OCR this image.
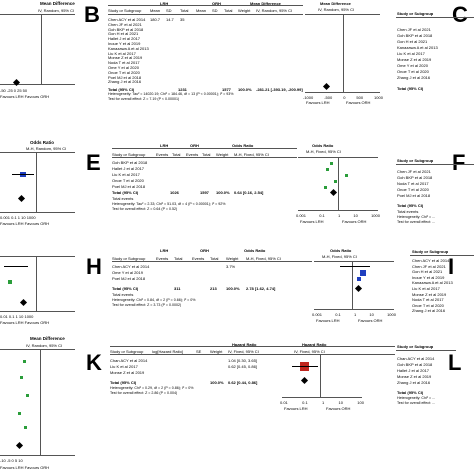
Mean Difference
IV, Random, 95% CI
-50 -25 0 25 50
Favours LRH Favours ORH
Odds Ratio
M-H, Random, 95% CI
0.001 0.1 1 10 1000
Favours LRH Favours ORH
0.01 0.1 1 10 1000
Favours LRH Favours ORH
Mean Difference
IV, Random, 95% CI
-10 -5 0 5 10
Favours LRH Favours ORH
B	LRH	ORH	Mean Difference	Mean Difference
IV, Random, 95% CI
Study or Subgroup Mean SD Total Mean SD Total Weight IV, Random, 95% CI
Chen ACY et al 2014 180.7 14.7 35
Chen JF et al 2021
Goh BKP et al 2018
Gon H et al 2021
Hallet J et al 2017
Inoue Y et al 2019
Kanazawa A et al 2013
Liu K et al 2017
Monse Z et al 2019
Noda T et al 2017
Ome Y et al 2020
Onoe T et al 2020
Poel MJ et al 2018
Zhang J et al 2016
Total (95% CI)	1231	1577 100.0% -281.21 [-393.19, -200.99]
Heterogeneity: Tau² = 14020.19; Chi² = 184.46, df = 13 (P < 0.00001); I² = 93%
Test for overall effect: Z = 7.19 (P < 0.00001)	-1000	-500	0	500	1000
Favours LRH	Favours ORH
C
Study or Subgroup
Chen JF et al 2021
Goh BKP et al 2018
Gon H et al 2021
Kanazawa A et al 2013
Liu K et al 2017
Monse Z et al 2019
Ome Y et al 2020
Onoe T et al 2020
Zhang J et al 2016
Total (95% CI)
E
LRH	ORH	Odds Ratio	Odds Ratio
M-H, Fixed, 95% CI
Study or Subgroup	Events Total Events Total Weight M-H, Fixed, 95% CI
Goh BKP et al 2018
Hallet J et al 2017
Liu K et al 2017
Onoe T et al 2020
Poel MJ et al 2018
Total (95% CI)	1026	1597 100.0% 0.64 [0.16, 2.54]
Total events
Heterogeneity: Tau² = 2.33; Chi² = 51.03, df = 4 (P < 0.00001); I² = 92%
Test for overall effect: Z = 0.64 (P = 0.52)
0.001	0.1	1	10	1000
Favours LRH	Favours ORH
F
Study or Subgroup
Chen JF et al 2021
Goh BKP et al 2018
Noda T et al 2017
Onoe T et al 2020
Poel MJ et al 2018
Total (95% CI)
Total events
Heterogeneity: Chi² = ...
Test for overall effect: ...
H
LRH	ORH	Odds Ratio	Odds Ratio
M-H, Fixed, 95% CI
Study or Subgroup	Events Total Events Total Weight M-H, Fixed, 95% CI
Chen ACY et al 2014	3.7%
Ome Y et al 2019
Poel MJ et al 2018
Total (95% CI)	311	213 100.0% 2.78 [1.62, 4.74]
Total events
Heterogeneity: Chi² = 0.84, df = 2 (P = 0.66); I² = 0%
Test for overall effect: Z = 3.73 (P = 0.0002)
0.001	0.1	1	10	1000
Favours LRH	Favours ORH
I
Study or Subgroup
Chen ACY et al 2014
Chen JF et al 2021
Gon H et al 2021
Inoue Y et al 2019
Kanazawa A et al 2013
Liu K et al 2017
Monse Z et al 2019
Noda T et al 2017
Onoe T et al 2020
Zhang J et al 2016
K
Hazard Ratio	Hazard Ratio
Study or Subgroup log[Hazard Ratio]	SE Weight IV, Fixed, 95% CI	IV, Fixed, 95% CI
Chan ACY et al 2014	1.04 [0.30, 3.65]
Liu K et al 2017	0.62 [0.45, 0.86]
Monse Z et al 2019
Total (95% CI)	100.0% 0.62 [0.44, 0.86]
Heterogeneity: Chi² = 0.29, df = 2 (P = 0.86); I² = 0%
Test for overall effect: Z = 2.86 (P = 0.004)
0.01	0.1	1	10	100
Favours LRH	Favours ORH
L
Study or Subgroup
Chan ACY et al 2014
Goh BKP et al 2018
Hallet J et al 2017
Monse Z et al 2019
Zhang J et al 2016
Total (95% CI)
Heterogeneity: Chi² = ...
Test for overall effect: ...
